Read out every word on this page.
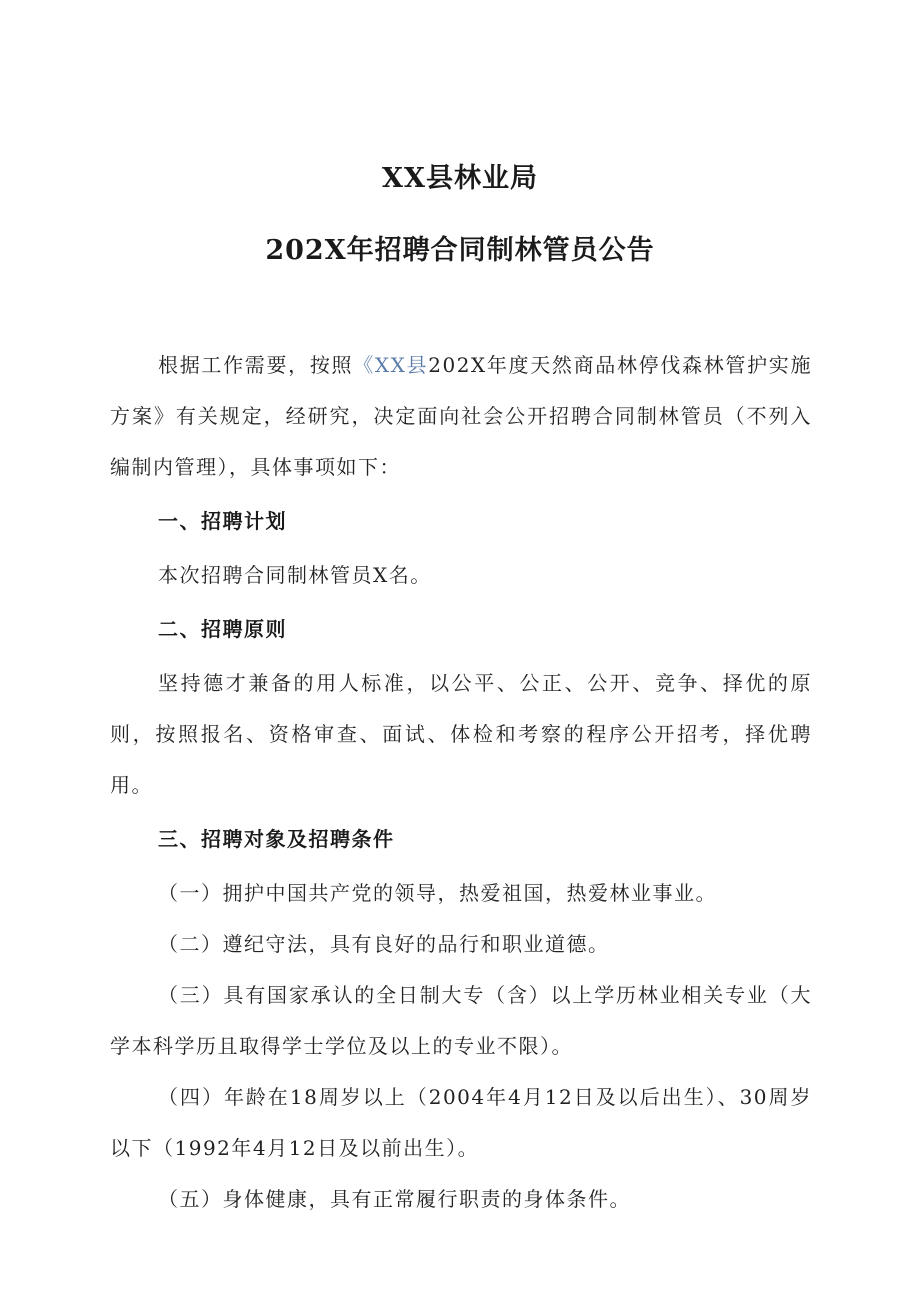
XX县林业局
202X年招聘合同制林管员公告

根据工作需要，按照《XX县202X年度天然商品林停伐森林管护实施方案》有关规定，经研究，决定面向社会公开招聘合同制林管员（不列入编制内管理），具体事项如下：

一、招聘计划

本次招聘合同制林管员X名。

二、招聘原则

坚持德才兼备的用人标准，以公平、公正、公开、竞争、择优的原则，按照报名、资格审查、面试、体检和考察的程序公开招考，择优聘用。

三、招聘对象及招聘条件

（一）拥护中国共产党的领导，热爱祖国，热爱林业事业。

（二）遵纪守法，具有良好的品行和职业道德。

（三）具有国家承认的全日制大专（含）以上学历林业相关专业（大学本科学历且取得学士学位及以上的专业不限）。

（四）年龄在18周岁以上（2004年4月12日及以后出生）、30周岁以下（1992年4月12日及以前出生）。

（五）身体健康，具有正常履行职责的身体条件。
